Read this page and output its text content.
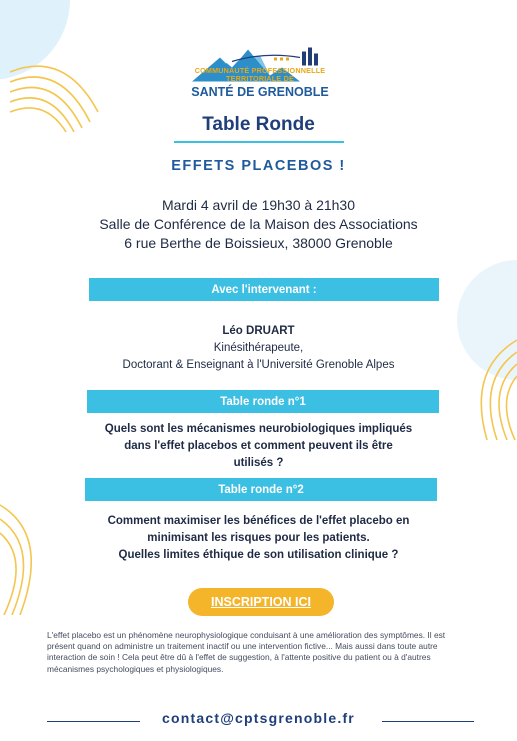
COMMUNAUTÉ PROFESSIONNELLE
TERRITORIALE DE
SANTÉ DE GRENOBLE
Table Ronde
EFFETS PLACEBOS !
Mardi 4 avril de 19h30 à 21h30
Salle de Conférence de la Maison des Associations
6 rue Berthe de Boissieux, 38000 Grenoble
Avec l'intervenant :
Léo DRUART
Kinésithérapeute,
Doctorant & Enseignant à l'Université Grenoble Alpes
Table ronde n°1
Quels sont les mécanismes neurobiologiques impliqués
dans l'effet placebos et comment peuvent ils être
utilisés ?
Table ronde n°2
Comment maximiser les bénéfices de l'effet placebo en
minimisant les risques pour les patients.
Quelles limites éthique de son utilisation clinique ?
INSCRIPTION ICI
L'effet placebo est un phénomène neurophysiologique conduisant à une amélioration des symptômes. Il est présent quand on administre un traitement inactif ou une intervention fictive... Mais aussi dans toute autre interaction de soin ! Cela peut être dû à l'effet de suggestion, à l'attente positive du patient ou à d'autres mécanismes psychologiques et physiologiques.
contact@cptsgrenoble.fr
